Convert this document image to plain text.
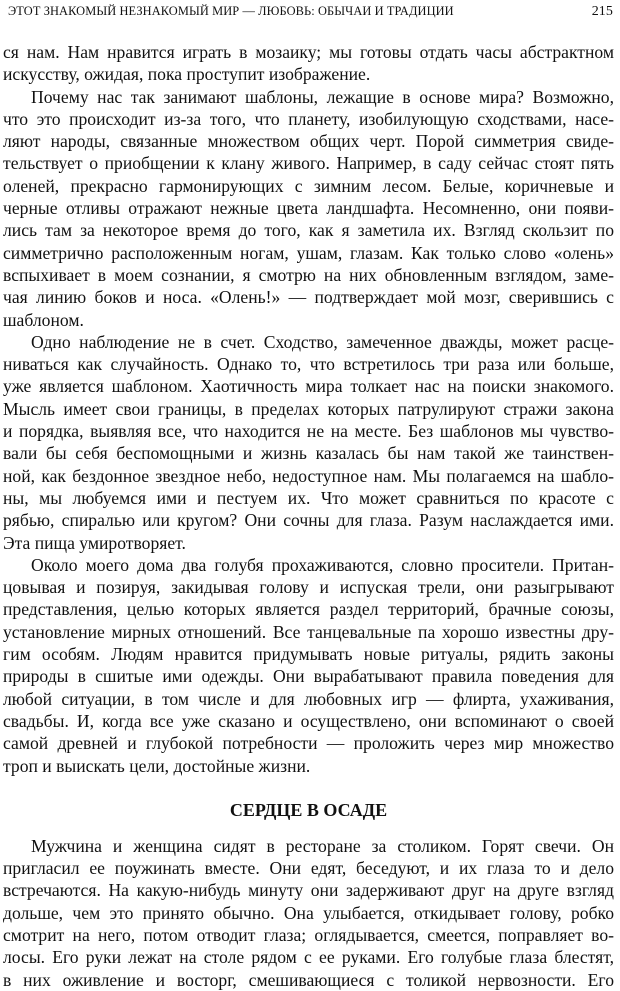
ЭТОТ ЗНАКОМЫЙ НЕЗНАКОМЫЙ МИР — ЛЮБОВЬ: ОБЫЧАИ И ТРАДИЦИИ	215
ся нам. Нам нравится играть в мозаику; мы готовы отдать часы абстрактном
искусству, ожидая, пока проступит изображение.
Почему нас так занимают шаблоны, лежащие в основе мира? Возможно,
что это происходит из-за того, что планету, изобилующую сходствами, насе-
ляют народы, связанные множеством общих черт. Порой симметрия свиде-
тельствует о приобщении к клану живого. Например, в саду сейчас стоят пять
оленей, прекрасно гармонирующих с зимним лесом. Белые, коричневые и
черные отливы отражают нежные цвета ландшафта. Несомненно, они появи-
лись там за некоторое время до того, как я заметила их. Взгляд скользит по
симметрично расположенным ногам, ушам, глазам. Как только слово «олень»
вспыхивает в моем сознании, я смотрю на них обновленным взглядом, заме-
чая линию боков и носа. «Олень!» — подтверждает мой мозг, сверившись с
шаблоном.
Одно наблюдение не в счет. Сходство, замеченное дважды, может расце-
ниваться как случайность. Однако то, что встретилось три раза или больше,
уже является шаблоном. Хаотичность мира толкает нас на поиски знакомого.
Мысль имеет свои границы, в пределах которых патрулируют стражи закона
и порядка, выявляя все, что находится не на месте. Без шаблонов мы чувство-
вали бы себя беспомощными и жизнь казалась бы нам такой же таинствен-
ной, как бездонное звездное небо, недоступное нам. Мы полагаемся на шабло-
ны, мы любуемся ими и пестуем их. Что может сравниться по красоте с
рябью, спиралью или кругом? Они сочны для глаза. Разум наслаждается ими.
Эта пища умиротворяет.
Около моего дома два голубя прохаживаются, словно просители. Притан-
цовывая и позируя, закидывая голову и испуская трели, они разыгрывают
представления, целью которых является раздел территорий, брачные союзы,
установление мирных отношений. Все танцевальные па хорошо известны дру-
гим особям. Людям нравится придумывать новые ритуалы, рядить законы
природы в сшитые ими одежды. Они вырабатывают правила поведения для
любой ситуации, в том числе и для любовных игр — флирта, ухаживания,
свадьбы. И, когда все уже сказано и осуществлено, они вспоминают о своей
самой древней и глубокой потребности — проложить через мир множество
троп и выискать цели, достойные жизни.
СЕРДЦЕ В ОСАДЕ
Мужчина и женщина сидят в ресторане за столиком. Горят свечи. Он
пригласил ее поужинать вместе. Они едят, беседуют, и их глаза то и дело
встречаются. На какую-нибудь минуту они задерживают друг на друге взгляд
дольше, чем это принято обычно. Она улыбается, откидывает голову, робко
смотрит на него, потом отводит глаза; оглядывается, смеется, поправляет во-
лосы. Его руки лежат на столе рядом с ее руками. Его голубые глаза блестят,
в них оживление и восторг, смешивающиеся с толикой нервозности. Его
